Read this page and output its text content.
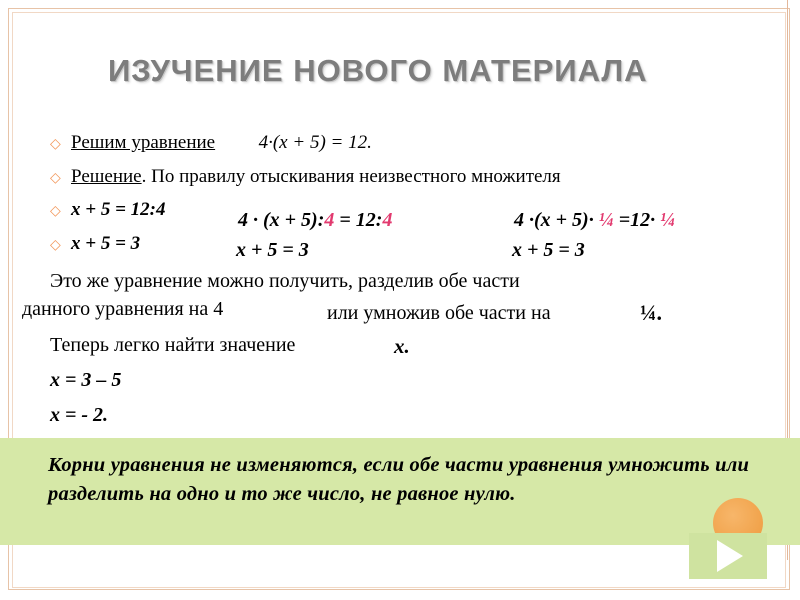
ИЗУЧЕНИЕ НОВОГО МАТЕРИАЛА
◇ Решим уравнение 4·(x + 5) = 12.
◇ Решение. По правилу отыскивания неизвестного множителя
◇ x + 5 = 12:4
◇ x + 5 = 3
4 · (x + 5):4 = 12:4
x + 5 = 3
4 ·(x + 5)· ¼ =12· ¼
x + 5 = 3
Это же уравнение можно получить, разделив обе части
данного уравнения на 4	или умножив обе части на	¼.
Теперь легко найти значение	x.
x = 3 – 5
x = - 2.
Корни уравнения не изменяются, если обе части уравнения умножить или разделить на одно и то же число, не равное нулю.
